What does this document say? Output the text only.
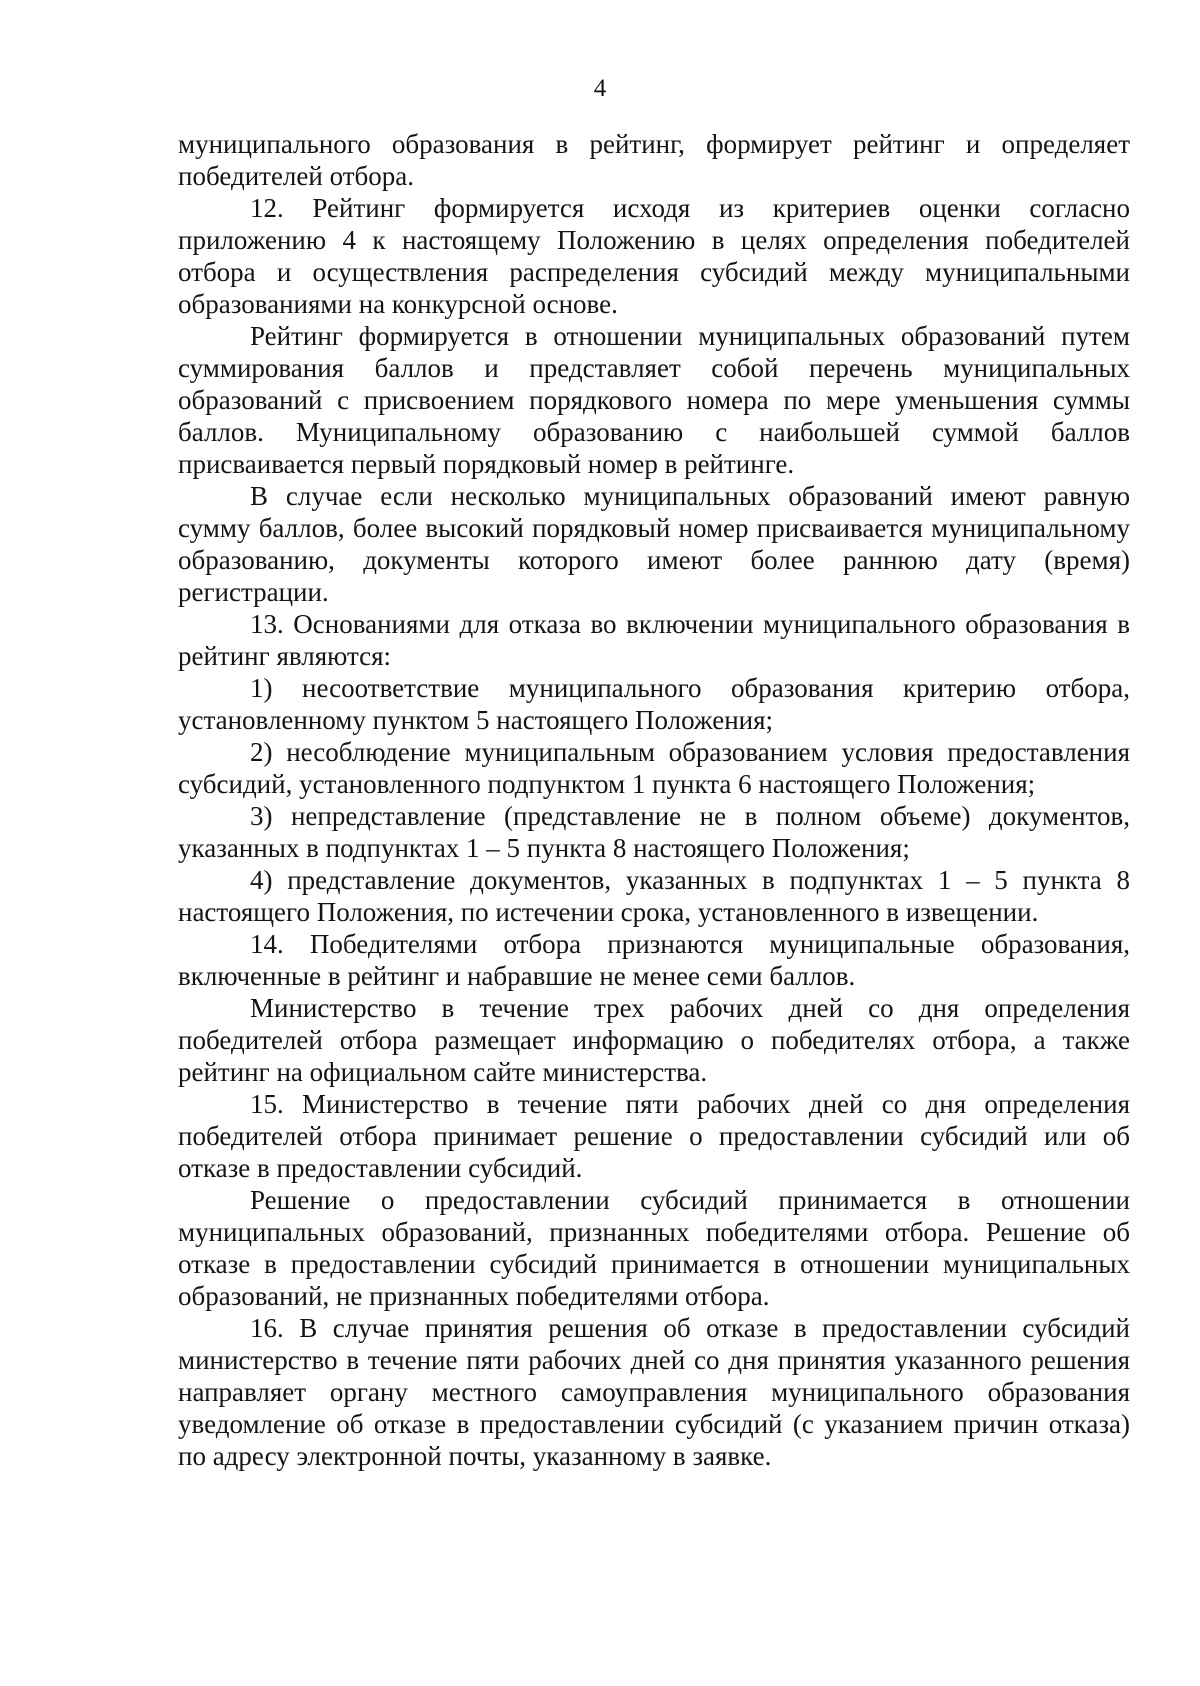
4

муниципального образования в рейтинг, формирует рейтинг и определяет победителей отбора.

12. Рейтинг формируется исходя из критериев оценки согласно приложению 4 к настоящему Положению в целях определения победителей отбора и осуществления распределения субсидий между муниципальными образованиями на конкурсной основе.

Рейтинг формируется в отношении муниципальных образований путем суммирования баллов и представляет собой перечень муниципальных образований с присвоением порядкового номера по мере уменьшения суммы баллов. Муниципальному образованию с наибольшей суммой баллов присваивается первый порядковый номер в рейтинге.

В случае если несколько муниципальных образований имеют равную сумму баллов, более высокий порядковый номер присваивается муниципальному образованию, документы которого имеют более раннюю дату (время) регистрации.

13. Основаниями для отказа во включении муниципального образования в рейтинг являются:

1) несоответствие муниципального образования критерию отбора, установленному пунктом 5 настоящего Положения;

2) несоблюдение муниципальным образованием условия предоставления субсидий, установленного подпунктом 1 пункта 6 настоящего Положения;

3) непредставление (представление не в полном объеме) документов, указанных в подпунктах 1 – 5 пункта 8 настоящего Положения;

4) представление документов, указанных в подпунктах 1 – 5 пункта 8 настоящего Положения, по истечении срока, установленного в извещении.

14. Победителями отбора признаются муниципальные образования, включенные в рейтинг и набравшие не менее семи баллов.

Министерство в течение трех рабочих дней со дня определения победителей отбора размещает информацию о победителях отбора, а также рейтинг на официальном сайте министерства.

15. Министерство в течение пяти рабочих дней со дня определения победителей отбора принимает решение о предоставлении субсидий или об отказе в предоставлении субсидий.

Решение о предоставлении субсидий принимается в отношении муниципальных образований, признанных победителями отбора. Решение об отказе в предоставлении субсидий принимается в отношении муниципальных образований, не признанных победителями отбора.

16. В случае принятия решения об отказе в предоставлении субсидий министерство в течение пяти рабочих дней со дня принятия указанного решения направляет органу местного самоуправления муниципального образования уведомление об отказе в предоставлении субсидий (с указанием причин отказа) по адресу электронной почты, указанному в заявке.
